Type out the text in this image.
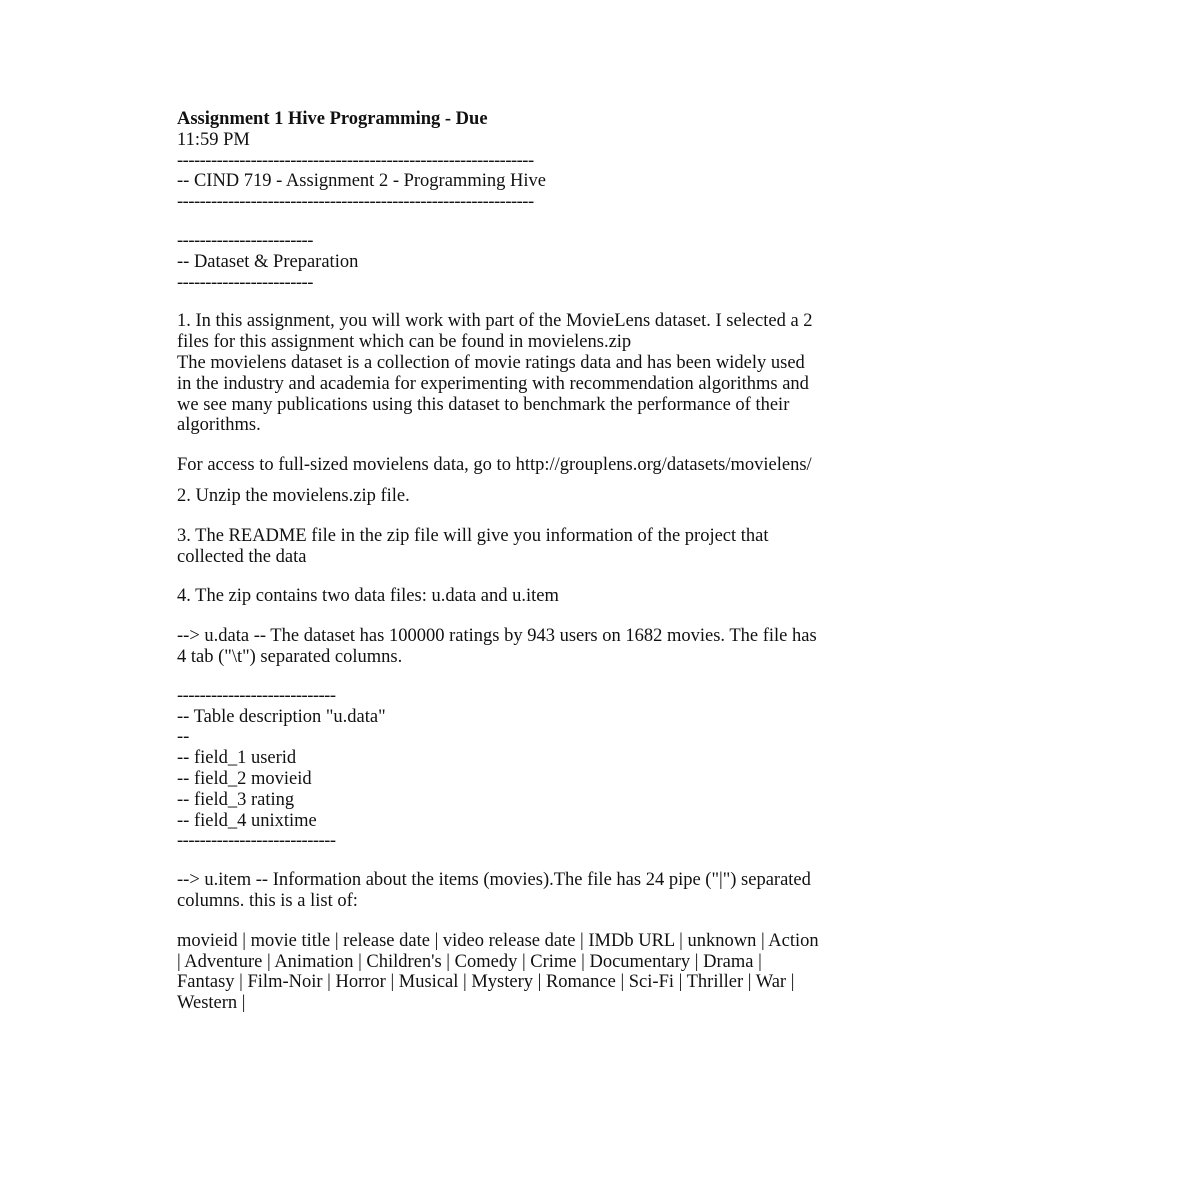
Assignment 1 Hive Programming - Due
11:59 PM
---------------------------------------------------------------
-- CIND 719 - Assignment 2 - Programming Hive
---------------------------------------------------------------
------------------------
-- Dataset & Preparation
------------------------
1. In this assignment, you will work with part of the MovieLens dataset. I selected a 2
files for this assignment which can be found in movielens.zip
The movielens dataset is a collection of movie ratings data and has been widely used
in the industry and academia for experimenting with recommendation algorithms and
we see many publications using this dataset to benchmark the performance of their
algorithms.
For access to full-sized movielens data, go to http://grouplens.org/datasets/movielens/
2. Unzip the movielens.zip file.
3. The README file in the zip file will give you information of the project that
collected the data
4. The zip contains two data files: u.data and u.item
--> u.data -- The dataset has 100000 ratings by 943 users on 1682 movies. The file has
4 tab ("\t") separated columns.
----------------------------
-- Table description "u.data"
--
-- field_1 userid
-- field_2 movieid
-- field_3 rating
-- field_4 unixtime
----------------------------
--> u.item -- Information about the items (movies).The file has 24 pipe ("|") separated
columns. this is a list of:
movieid | movie title | release date | video release date | IMDb URL | unknown | Action
| Adventure | Animation | Children's | Comedy | Crime | Documentary | Drama |
Fantasy | Film-Noir | Horror | Musical | Mystery | Romance | Sci-Fi | Thriller | War |
Western |
